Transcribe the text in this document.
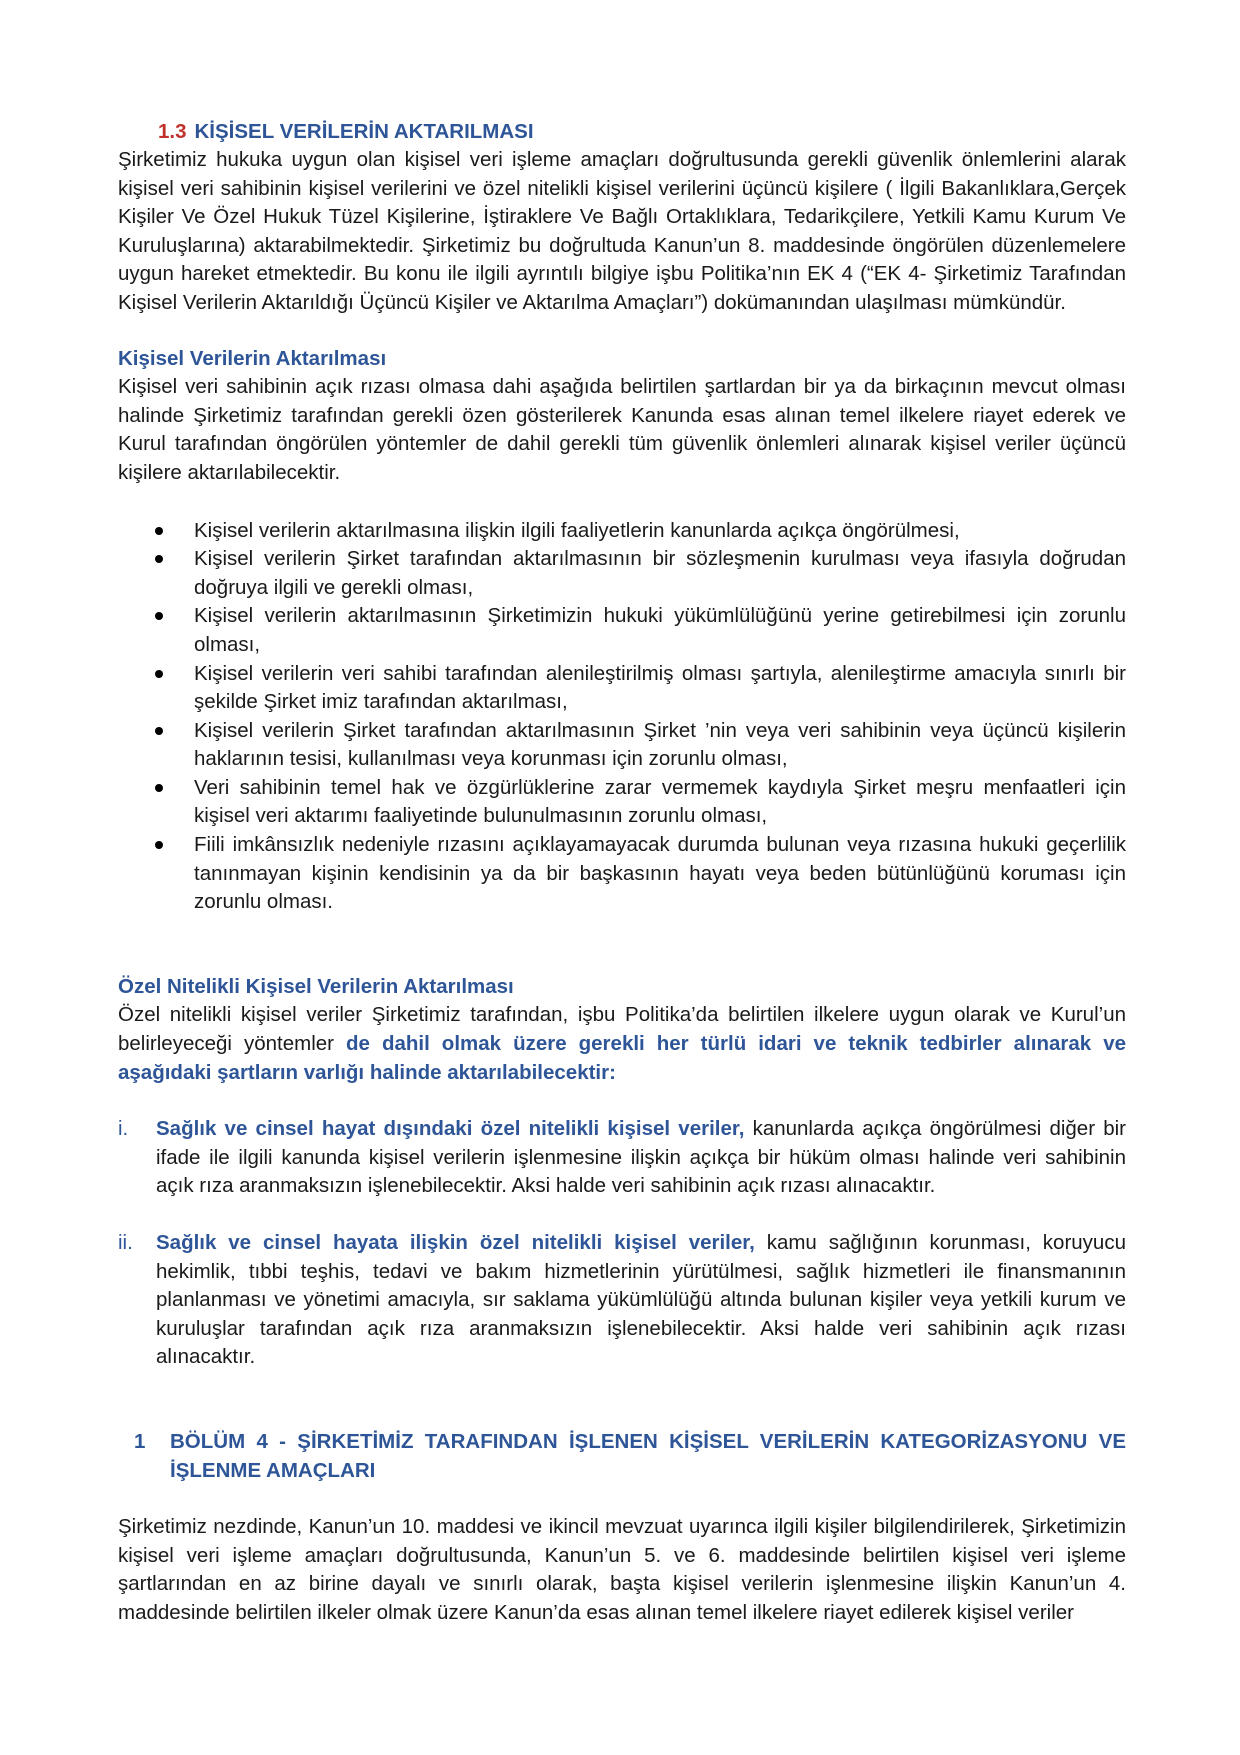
1.3 KİŞİSEL VERİLERİN AKTARILMASI

Şirketimiz hukuka uygun olan kişisel veri işleme amaçları doğrultusunda gerekli güvenlik önlemlerini alarak kişisel veri sahibinin kişisel verilerini ve özel nitelikli kişisel verilerini üçüncü kişilere ( İlgili Bakanlıklara,Gerçek Kişiler Ve Özel Hukuk Tüzel Kişilerine, İştiraklere Ve Bağlı Ortaklıklara, Tedarikçilere, Yetkili Kamu Kurum Ve Kuruluşlarına) aktarabilmektedir. Şirketimiz bu doğrultuda Kanun’un 8. maddesinde öngörülen düzenlemelere uygun hareket etmektedir. Bu konu ile ilgili ayrıntılı bilgiye işbu Politika’nın EK 4 (“EK 4- Şirketimiz Tarafından Kişisel Verilerin Aktarıldığı Üçüncü Kişiler ve Aktarılma Amaçları”) dokümanından ulaşılması mümkündür.

Kişisel Verilerin Aktarılması

Kişisel veri sahibinin açık rızası olmasa dahi aşağıda belirtilen şartlardan bir ya da birkaçının mevcut olması halinde Şirketimiz tarafından gerekli özen gösterilerek Kanunda esas alınan temel ilkelere riayet ederek ve Kurul tarafından öngörülen yöntemler de dahil gerekli tüm güvenlik önlemleri alınarak kişisel veriler üçüncü kişilere aktarılabilecektir.

Kişisel verilerin aktarılmasına ilişkin ilgili faaliyetlerin kanunlarda açıkça öngörülmesi,
Kişisel verilerin Şirket tarafından aktarılmasının bir sözleşmenin kurulması veya ifasıyla doğrudan doğruya ilgili ve gerekli olması,
Kişisel verilerin aktarılmasının Şirketimizin hukuki yükümlülüğünü yerine getirebilmesi için zorunlu olması,
Kişisel verilerin veri sahibi tarafından alenileştirilmiş olması şartıyla, alenileştirme amacıyla sınırlı bir şekilde Şirket imiz tarafından aktarılması,
Kişisel verilerin Şirket tarafından aktarılmasının Şirket ’nin veya veri sahibinin veya üçüncü kişilerin haklarının tesisi, kullanılması veya korunması için zorunlu olması,
Veri sahibinin temel hak ve özgürlüklerine zarar vermemek kaydıyla Şirket meşru menfaatleri için kişisel veri aktarımı faaliyetinde bulunulmasının zorunlu olması,
Fiili imkânsızlık nedeniyle rızasını açıklayamayacak durumda bulunan veya rızasına hukuki geçerlilik tanınmayan kişinin kendisinin ya da bir başkasının hayatı veya beden bütünlüğünü koruması için zorunlu olması.

Özel Nitelikli Kişisel Verilerin Aktarılması

Özel nitelikli kişisel veriler Şirketimiz tarafından, işbu Politika’da belirtilen ilkelere uygun olarak ve Kurul’un belirleyeceği yöntemler de dahil olmak üzere gerekli her türlü idari ve teknik tedbirler alınarak ve aşağıdaki şartların varlığı halinde aktarılabilecektir:

i. Sağlık ve cinsel hayat dışındaki özel nitelikli kişisel veriler, kanunlarda açıkça öngörülmesi diğer bir ifade ile ilgili kanunda kişisel verilerin işlenmesine ilişkin açıkça bir hüküm olması halinde veri sahibinin açık rıza aranmaksızın işlenebilecektir. Aksi halde veri sahibinin açık rızası alınacaktır.
ii. Sağlık ve cinsel hayata ilişkin özel nitelikli kişisel veriler, kamu sağlığının korunması, koruyucu hekimlik, tıbbi teşhis, tedavi ve bakım hizmetlerinin yürütülmesi, sağlık hizmetleri ile finansmanının planlanması ve yönetimi amacıyla, sır saklama yükümlülüğü altında bulunan kişiler veya yetkili kurum ve kuruluşlar tarafından açık rıza aranmaksızın işlenebilecektir. Aksi halde veri sahibinin açık rızası alınacaktır.

1 BÖLÜM 4 - ŞİRKETİMİZ TARAFINDAN İŞLENEN KİŞİSEL VERİLERİN KATEGORİZASYONU VE İŞLENME AMAÇLARI

Şirketimiz nezdinde, Kanun’un 10. maddesi ve ikincil mevzuat uyarınca ilgili kişiler bilgilendirilerek, Şirketimizin kişisel veri işleme amaçları doğrultusunda, Kanun’un 5. ve 6. maddesinde belirtilen kişisel veri işleme şartlarından en az birine dayalı ve sınırlı olarak, başta kişisel verilerin işlenmesine ilişkin Kanun’un 4. maddesinde belirtilen ilkeler olmak üzere Kanun’da esas alınan temel ilkelere riayet edilerek kişisel veriler
